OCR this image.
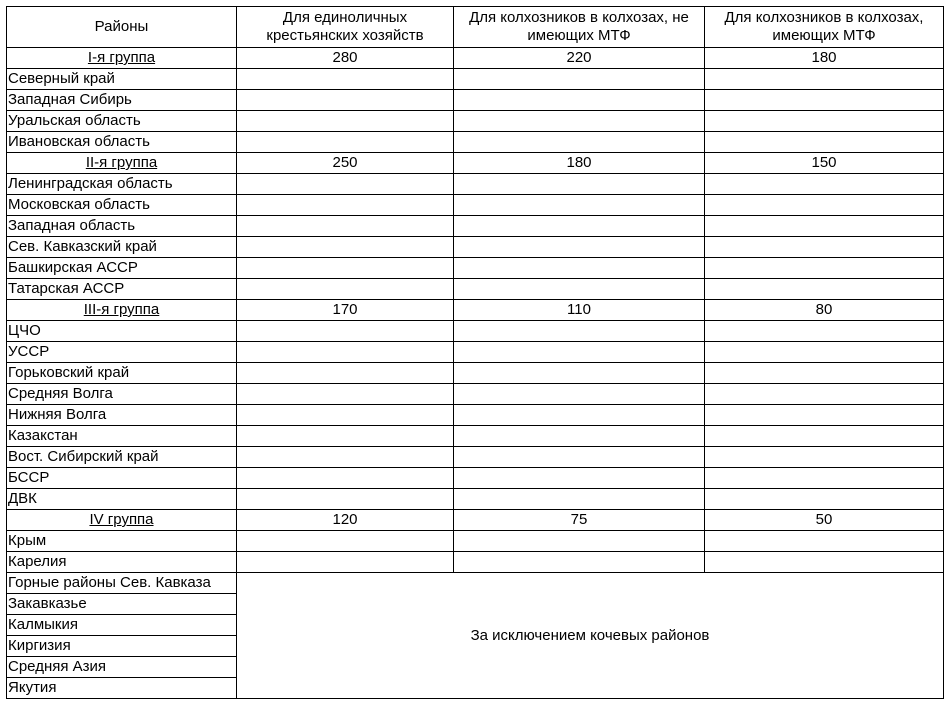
Районы	Для единоличных крестьянских хозяйств	Для колхозников в колхозах, не имеющих МТФ	Для колхозников в колхозах, имеющих МТФ
I-я группа	280	220	180
Северный край			
Западная Сибирь			
Уральская область			
Ивановская область			
II-я группа	250	180	150
Ленинградская область			
Московская область			
Западная область			
Сев. Кавказский край			
Башкирская АССР			
Татарская АССР			
III-я группа	170	110	80
ЦЧО			
УССР			
Горьковский край			
Средняя Волга			
Нижняя Волга			
Казакстан			
Вост. Сибирский край			
БССР			
ДВК			
IV группа	120	75	50
Крым			
Карелия			
Горные районы Сев. Кавказа	За исключением кочевых районов		
Закавказье			
Калмыкия			
Киргизия			
Средняя Азия			
Якутия			
